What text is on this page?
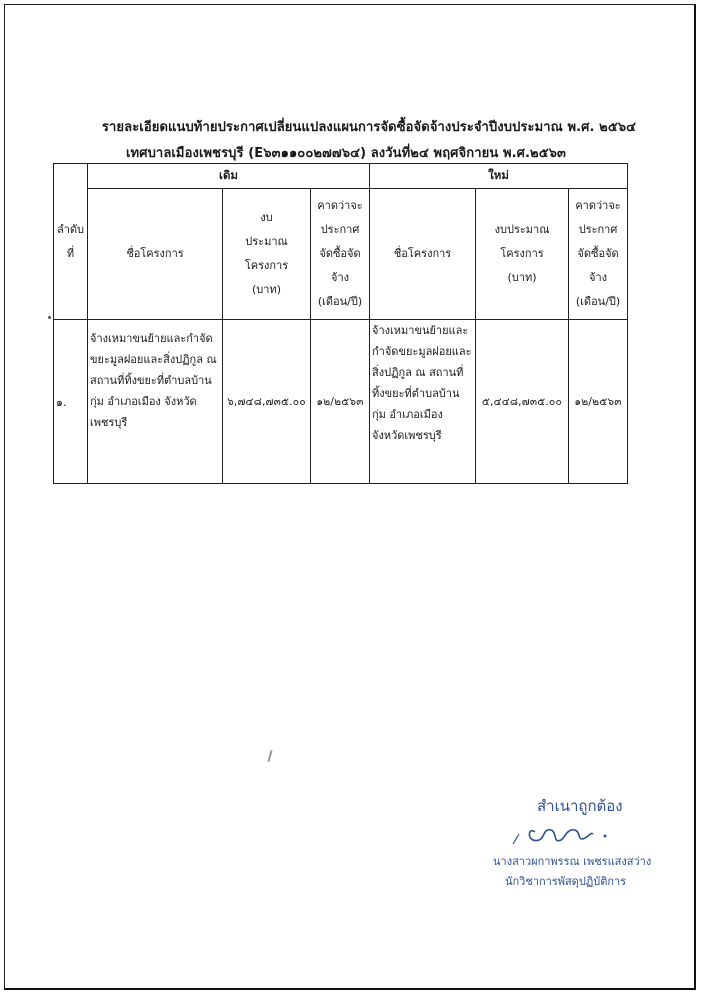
รายละเอียดแนบท้ายประกาศเปลี่ยนแปลงแผนการจัดซื้อจัดจ้างประจำปีงบประมาณ พ.ศ. ๒๕๖๔
เทศบาลเมืองเพชรบุรี (E๖๓๑๑๐๐๒๗๗๖๔) ลงวันที่๒๔ พฤศจิกายน พ.ศ.๒๕๖๓
ลำดับที่	เดิม			ใหม่		
	ชื่อโครงการ	งบประมาณโครงการ (บาท)	คาดว่าจะประกาศจัดซื้อจัดจ้าง (เดือน/ปี)	ชื่อโครงการ	งบประมาณโครงการ (บาท)	คาดว่าจะประกาศจัดซื้อจัดจ้าง (เดือน/ปี)
๑.	จ้างเหมาขนย้ายและกำจัดขยะมูลฝอยและสิ่งปฏิกูล ณ สถานที่ทิ้งขยะที่ตำบลบ้านกุ่ม อำเภอเมือง จังหวัดเพชรบุรี	๖,๗๔๘,๗๓๕.๐๐	๑๒/๒๕๖๓	จ้างเหมาขนย้ายและกำจัดขยะมูลฝอยและสิ่งปฏิกูล ณ สถานที่ทิ้งขยะที่ตำบลบ้านกุ่ม อำเภอเมือง จังหวัดเพชรบุรี	๕,๔๔๘,๗๓๕.๐๐	๑๒/๒๕๖๓
สำเนาถูกต้อง
นางสาวผกาพรรณ เพชรแสงสว่าง
นักวิชาการพัสดุปฏิบัติการ
